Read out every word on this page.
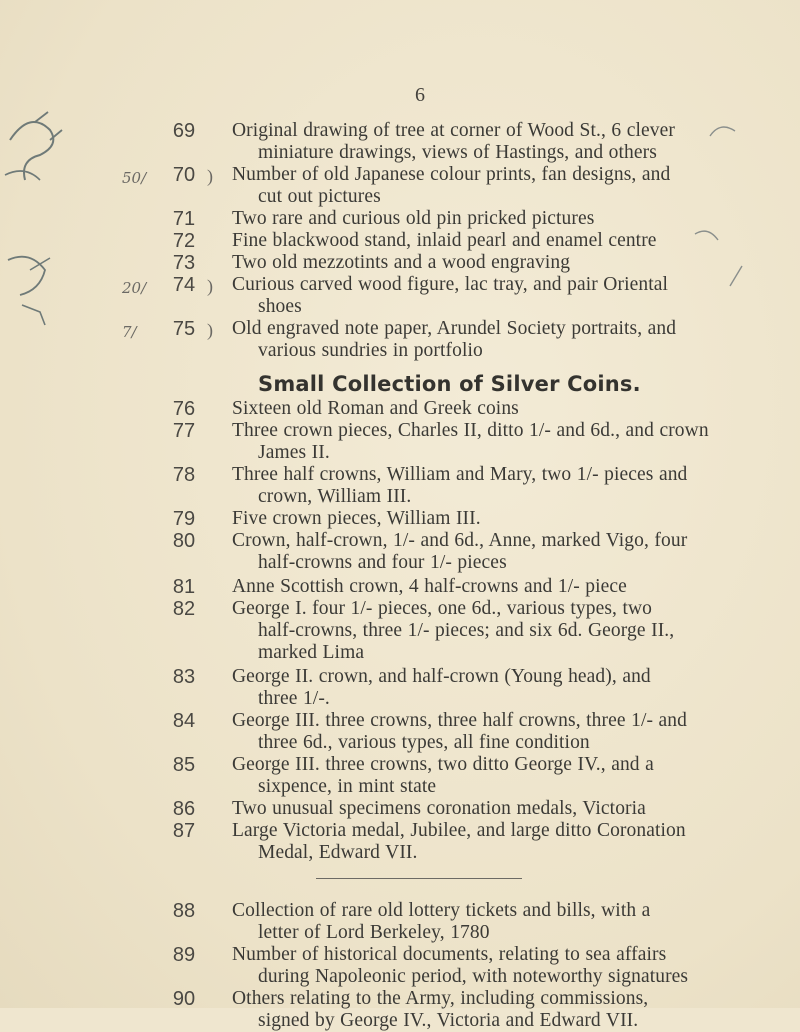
6
69	Original drawing of tree at corner of Wood St., 6 clever
miniature drawings, views of Hastings, and others
50/	70 ) Number of old Japanese colour prints, fan designs, and
cut out pictures
71	Two rare and curious old pin pricked pictures
72	Fine blackwood stand, inlaid pearl and enamel centre
73	Two old mezzotints and a wood engraving
20/	74 ) Curious carved wood figure, lac tray, and pair Oriental
shoes
7/	75 ) Old engraved note paper, Arundel Society portraits, and
various sundries in portfolio
Small Collection of Silver Coins.
76	Sixteen old Roman and Greek coins
77	Three crown pieces, Charles II, ditto 1/- and 6d., and crown
James II.
78	Three half crowns, William and Mary, two 1/- pieces and
crown, William III.
79	Five crown pieces, William III.
80	Crown, half-crown, 1/- and 6d., Anne, marked Vigo, four
half-crowns and four 1/- pieces
81	Anne Scottish crown, 4 half-crowns and 1/- piece
82	George I. four 1/- pieces, one 6d., various types, two
half-crowns, three 1/- pieces; and six 6d. George II.,
marked Lima
83	George II. crown, and half-crown (Young head), and
three 1/-.
84	George III. three crowns, three half crowns, three 1/- and
three 6d., various types, all fine condition
85	George III. three crowns, two ditto George IV., and a
sixpence, in mint state
86	Two unusual specimens coronation medals, Victoria
87	Large Victoria medal, Jubilee, and large ditto Coronation
Medal, Edward VII.
88	Collection of rare old lottery tickets and bills, with a
letter of Lord Berkeley, 1780
89	Number of historical documents, relating to sea affairs
during Napoleonic period, with noteworthy signatures
90	Others relating to the Army, including commissions,
signed by George IV., Victoria and Edward VII.
